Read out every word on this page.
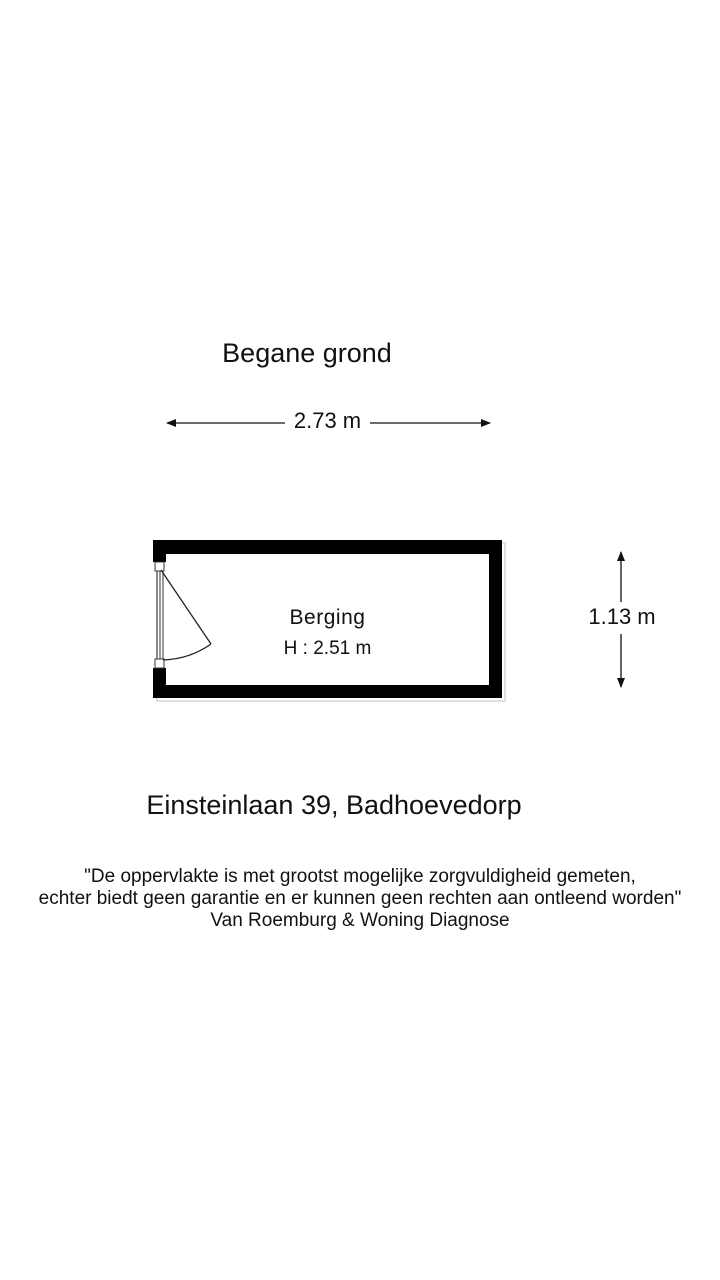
Begane grond
2.73 m
1.13 m
Berging
H : 2.51 m
Einsteinlaan 39, Badhoevedorp
"De oppervlakte is met grootst mogelijke zorgvuldigheid gemeten,
echter biedt geen garantie en er kunnen geen rechten aan ontleend worden"
Van Roemburg & Woning Diagnose
